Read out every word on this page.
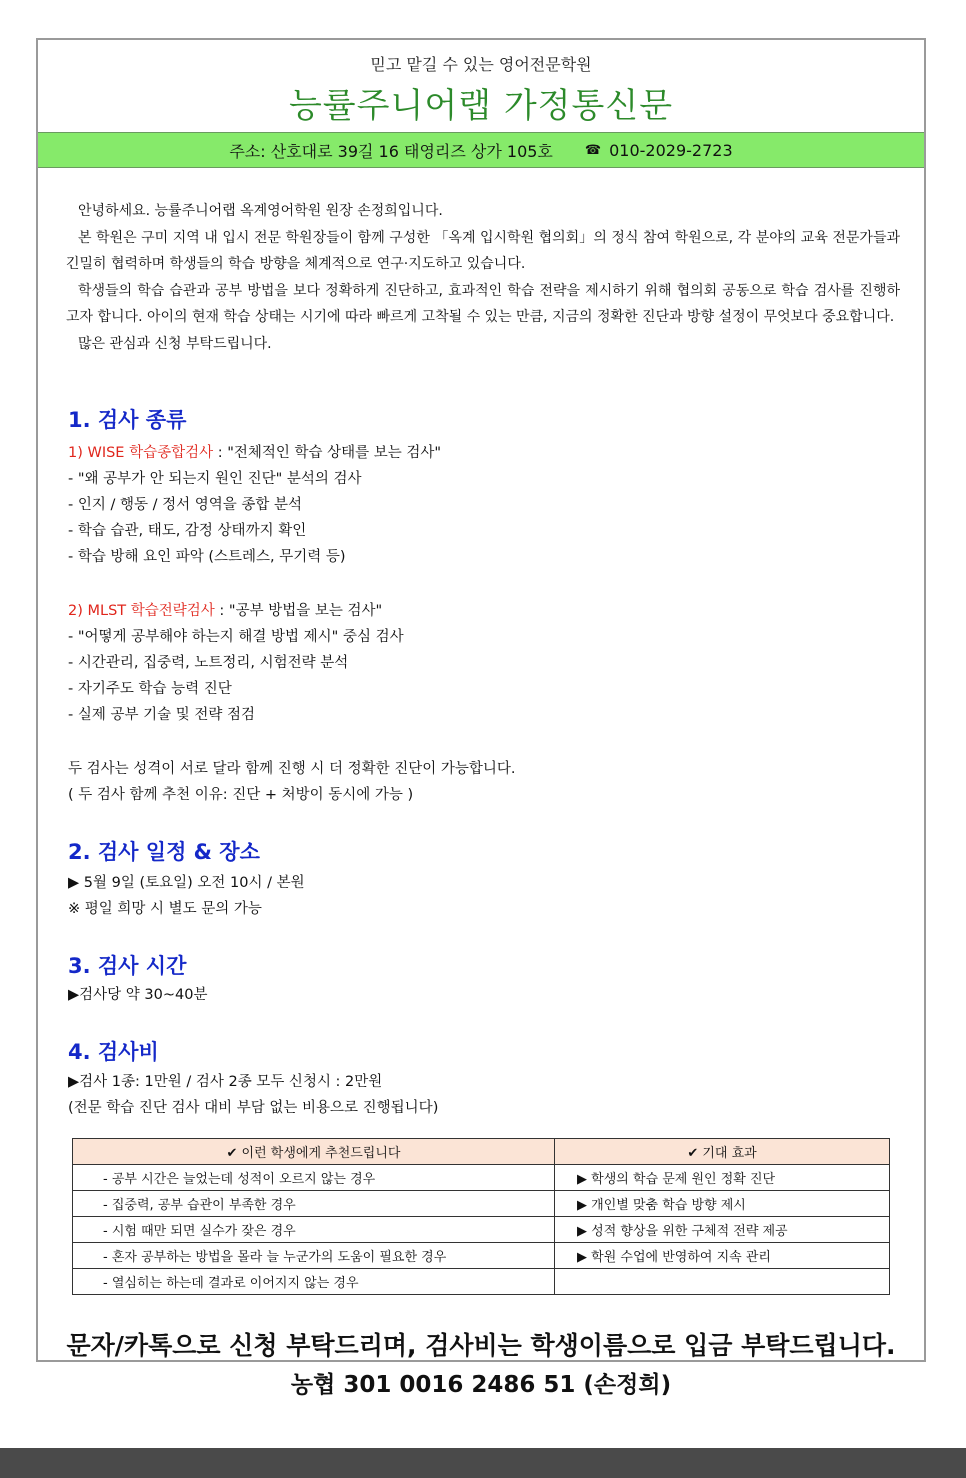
믿고 맡길 수 있는 영어전문학원
능률주니어랩 가정통신문
주소: 산호대로 39길 16 태영리즈 상가 105호 ☎ 010-2029-2723

안녕하세요. 능률주니어랩 옥계영어학원 원장 손정희입니다.

본 학원은 구미 지역 내 입시 전문 학원장들이 함께 구성한 「옥계 입시학원 협의회」의 정식 참여 학원으로, 각 분야의 교육 전문가들과 긴밀히 협력하며 학생들의 학습 방향을 체계적으로 연구·지도하고 있습니다.

학생들의 학습 습관과 공부 방법을 보다 정확하게 진단하고, 효과적인 학습 전략을 제시하기 위해 협의회 공동으로 학습 검사를 진행하고자 합니다. 아이의 현재 학습 상태는 시기에 따라 빠르게 고착될 수 있는 만큼, 지금의 정확한 진단과 방향 설정이 무엇보다 중요합니다.

많은 관심과 신청 부탁드립니다.

1. 검사 종류
1) WISE 학습종합검사 : "전체적인 학습 상태를 보는 검사"
- "왜 공부가 안 되는지 원인 진단" 분석의 검사
- 인지 / 행동 / 정서 영역을 종합 분석
- 학습 습관, 태도, 감정 상태까지 확인
- 학습 방해 요인 파악 (스트레스, 무기력 등)
2) MLST 학습전략검사 : "공부 방법을 보는 검사"
- "어떻게 공부해야 하는지 해결 방법 제시" 중심 검사
- 시간관리, 집중력, 노트정리, 시험전략 분석
- 자기주도 학습 능력 진단
- 실제 공부 기술 및 전략 점검
두 검사는 성격이 서로 달라 함께 진행 시 더 정확한 진단이 가능합니다.
( 두 검사 함께 추천 이유: 진단 + 처방이 동시에 가능 )
2. 검사 일정 & 장소
▶ 5월 9일 (토요일) 오전 10시 / 본원
※ 평일 희망 시 별도 문의 가능
3. 검사 시간
▶검사당 약 30~40분
4. 검사비
▶검사 1종: 1만원 / 검사 2종 모두 신청시 : 2만원
(전문 학습 진단 검사 대비 부담 없는 비용으로 진행됩니다)
✔ 이런 학생에게 추천드립니다	✔ 기대 효과
- 공부 시간은 늘었는데 성적이 오르지 않는 경우	▶ 학생의 학습 문제 원인 정확 진단
- 집중력, 공부 습관이 부족한 경우	▶ 개인별 맞춤 학습 방향 제시
- 시험 때만 되면 실수가 잦은 경우	▶ 성적 향상을 위한 구체적 전략 제공
- 혼자 공부하는 방법을 몰라 늘 누군가의 도움이 필요한 경우	▶ 학원 수업에 반영하여 지속 관리
- 열심히는 하는데 결과로 이어지지 않는 경우	
문자/카톡으로 신청 부탁드리며, 검사비는 학생이름으로 입금 부탁드립니다.
농협 301 0016 2486 51 (손정희)
